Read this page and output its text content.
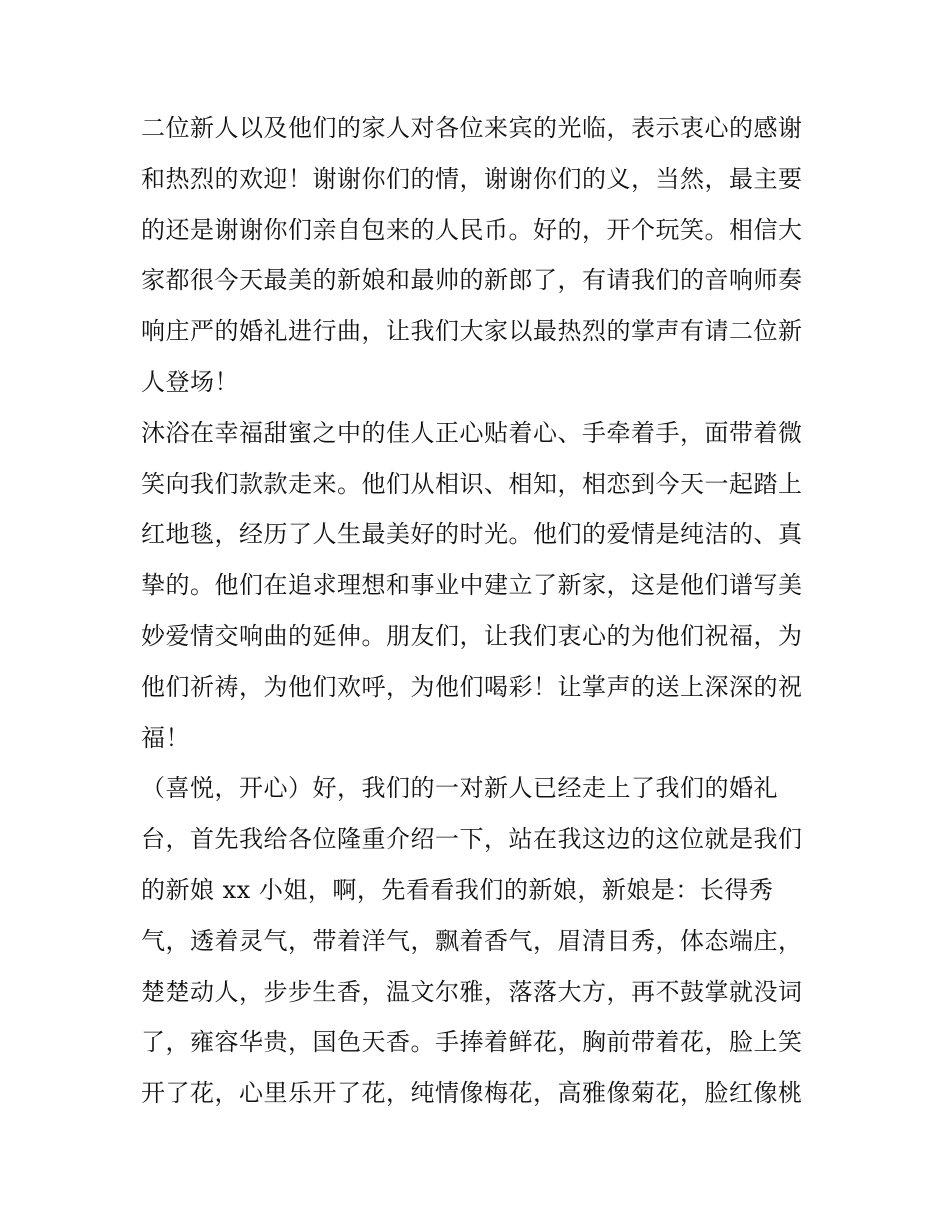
二位新人以及他们的家人对各位来宾的光临，表示衷心的感谢
和热烈的欢迎！谢谢你们的情，谢谢你们的义，当然，最主要
的还是谢谢你们亲自包来的人民币。好的，开个玩笑。相信大
家都很今天最美的新娘和最帅的新郎了，有请我们的音响师奏
响庄严的婚礼进行曲，让我们大家以最热烈的掌声有请二位新
人登场！
沐浴在幸福甜蜜之中的佳人正心贴着心、手牵着手，面带着微
笑向我们款款走来。他们从相识、相知，相恋到今天一起踏上
红地毯，经历了人生最美好的时光。他们的爱情是纯洁的、真
挚的。他们在追求理想和事业中建立了新家，这是他们谱写美
妙爱情交响曲的延伸。朋友们，让我们衷心的为他们祝福，为
他们祈祷，为他们欢呼，为他们喝彩！让掌声的送上深深的祝
福！
（喜悦，开心）好，我们的一对新人已经走上了我们的婚礼
台，首先我给各位隆重介绍一下，站在我这边的这位就是我们
的新娘 xx 小姐，啊，先看看我们的新娘，新娘是：长得秀
气，透着灵气，带着洋气，飘着香气，眉清目秀，体态端庄，
楚楚动人，步步生香，温文尔雅，落落大方，再不鼓掌就没词
了，雍容华贵，国色天香。手捧着鲜花，胸前带着花，脸上笑
开了花，心里乐开了花，纯情像梅花，高雅像菊花，脸红像桃
